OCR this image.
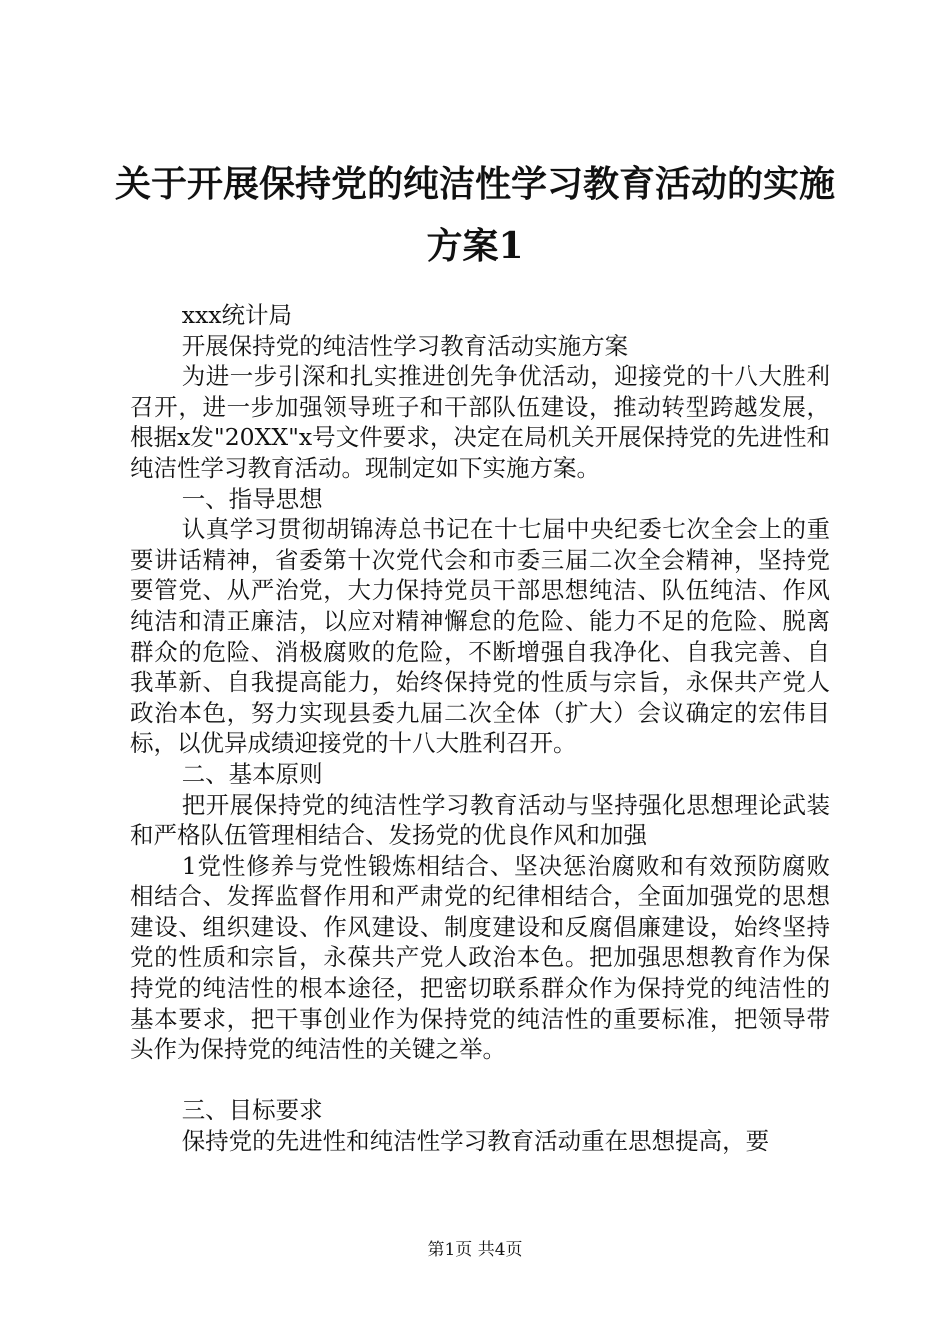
关于开展保持党的纯洁性学习教育活动的实施
方案1

xxx统计局

开展保持党的纯洁性学习教育活动实施方案

为进一步引深和扎实推进创先争优活动，迎接党的十八大胜利召开，进一步加强领导班子和干部队伍建设，推动转型跨越发展，根据x发"20XX"x号文件要求，决定在局机关开展保持党的先进性和纯洁性学习教育活动。现制定如下实施方案。

一、指导思想

认真学习贯彻胡锦涛总书记在十七届中央纪委七次全会上的重要讲话精神，省委第十次党代会和市委三届二次全会精神，坚持党要管党、从严治党，大力保持党员干部思想纯洁、队伍纯洁、作风纯洁和清正廉洁，以应对精神懈怠的危险、能力不足的危险、脱离群众的危险、消极腐败的危险，不断增强自我净化、自我完善、自我革新、自我提高能力，始终保持党的性质与宗旨，永保共产党人政治本色，努力实现县委九届二次全体（扩大）会议确定的宏伟目标，以优异成绩迎接党的十八大胜利召开。

二、基本原则

把开展保持党的纯洁性学习教育活动与坚持强化思想理论武装和严格队伍管理相结合、发扬党的优良作风和加强

1党性修养与党性锻炼相结合、坚决惩治腐败和有效预防腐败相结合、发挥监督作用和严肃党的纪律相结合，全面加强党的思想建设、组织建设、作风建设、制度建设和反腐倡廉建设，始终坚持党的性质和宗旨，永葆共产党人政治本色。把加强思想教育作为保持党的纯洁性的根本途径，把密切联系群众作为保持党的纯洁性的基本要求，把干事创业作为保持党的纯洁性的重要标准，把领导带头作为保持党的纯洁性的关键之举。

三、目标要求

保持党的先进性和纯洁性学习教育活动重在思想提高，要

第1页 共4页
